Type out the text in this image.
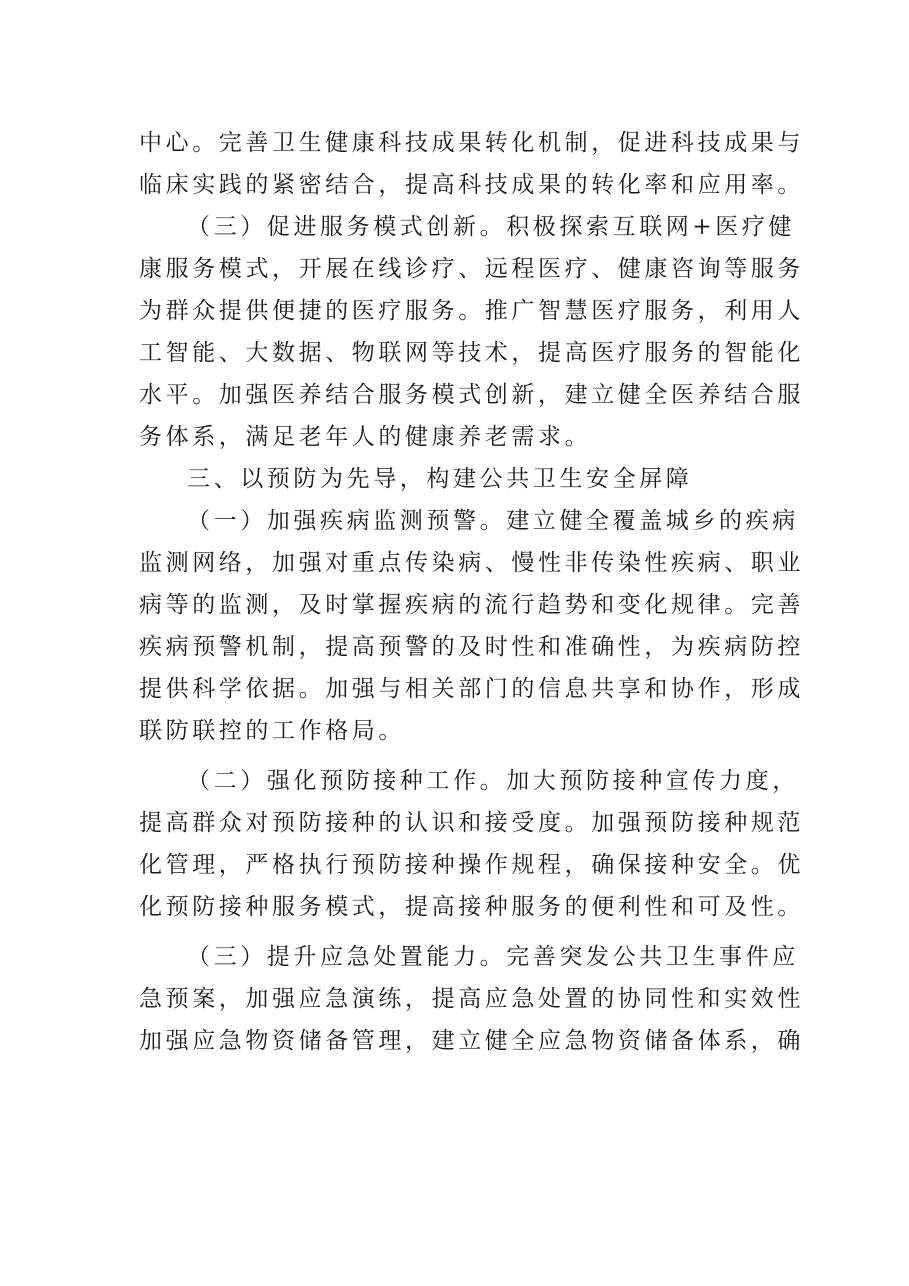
中心。完善卫生健康科技成果转化机制，促进科技成果与
临床实践的紧密结合，提高科技成果的转化率和应用率。
（三）促进服务模式创新。积极探索互联网+医疗健
康服务模式，开展在线诊疗、远程医疗、健康咨询等服务
为群众提供便捷的医疗服务。推广智慧医疗服务，利用人
工智能、大数据、物联网等技术，提高医疗服务的智能化
水平。加强医养结合服务模式创新，建立健全医养结合服
务体系，满足老年人的健康养老需求。
三、以预防为先导，构建公共卫生安全屏障
（一）加强疾病监测预警。建立健全覆盖城乡的疾病
监测网络，加强对重点传染病、慢性非传染性疾病、职业
病等的监测，及时掌握疾病的流行趋势和变化规律。完善
疾病预警机制，提高预警的及时性和准确性，为疾病防控
提供科学依据。加强与相关部门的信息共享和协作，形成
联防联控的工作格局。
（二）强化预防接种工作。加大预防接种宣传力度，
提高群众对预防接种的认识和接受度。加强预防接种规范
化管理，严格执行预防接种操作规程，确保接种安全。优
化预防接种服务模式，提高接种服务的便利性和可及性。
（三）提升应急处置能力。完善突发公共卫生事件应
急预案，加强应急演练，提高应急处置的协同性和实效性
加强应急物资储备管理，建立健全应急物资储备体系，确
